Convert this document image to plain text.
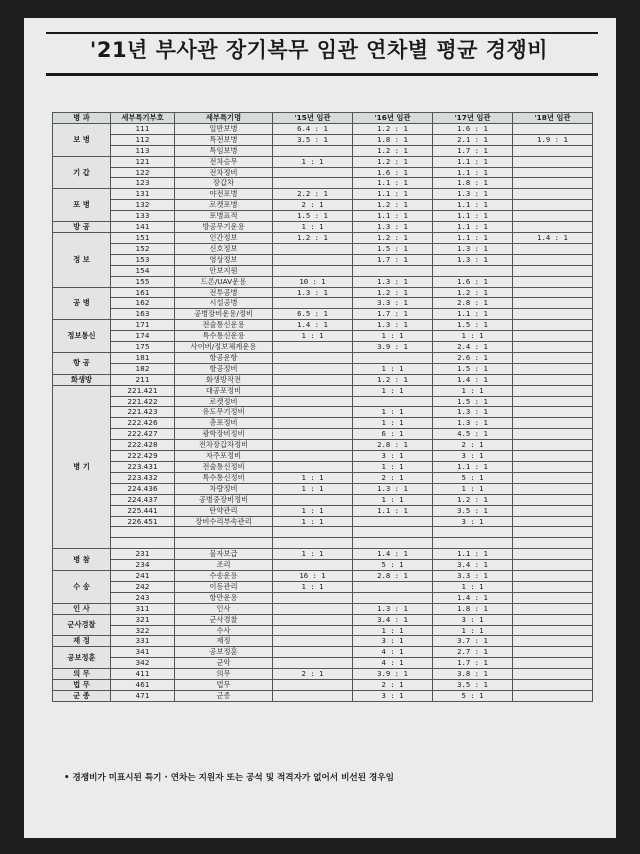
'21년 부사관 장기복무 임관 연차별 평균 경쟁비
병 과	세부특기부호	세부특기명	'15년 임관	'16년 임관	'17년 임관	'18년 임관
보 병	111	일반보병	6.4 : 1	1.2 : 1	1.6 : 1	
	112	특전보병	3.5 : 1	1.8 : 1	2.1 : 1	1.9 : 1
	113	특임보병		1.2 : 1	1.7 : 1	
기 갑	121	전차승무	1 : 1	1.2 : 1	1.1 : 1	
	122	전차정비		1.6 : 1	1.1 : 1	
	123	장갑차		1.1 : 1	1.8 : 1	
포 병	131	야전포병	2.2 : 1	1.1 : 1	1.3 : 1	
	132	로켓포병	2 : 1	1.2 : 1	1.1 : 1	
	133	포병표적	1.5 : 1	1.1 : 1	1.1 : 1	
방 공	141	방공무기운용	1 : 1	1.3 : 1	1.1 : 1	
정 보	151	인간정보	1.2 : 1	1.2 : 1	1.1 : 1	1.4 : 1
	152	신호정보		1.5 : 1	1.3 : 1	
	153	영상정보		1.7 : 1	1.3 : 1	
	154	안보지원				
	155	드론/UAV운용	10 : 1	1.3 : 1	1.6 : 1	
공 병	161	전투공병	1.3 : 1	1.2 : 1	1.2 : 1	
	162	시설공병		3.3 : 1	2.8 : 1	
	163	공병장비운용/정비	6.5 : 1	1.7 : 1	1.1 : 1	
정보통신	171	전술통신운용	1.4 : 1	1.3 : 1	1.5 : 1	
	174	특수통신운용	1 : 1	1 : 1	1 : 1	
	175	사이버/정보체계운용		3.9 : 1	2.4 : 1	
항 공	181	항공운항			2.6 : 1	
	182	항공정비		1 : 1	1.5 : 1	
화생방	211	화생방작전		1.2 : 1	1.4 : 1	
병 기	221.421	대공포정비		1 : 1	1 : 1	
	221.422	로켓정비			1.5 : 1	
	221.423	유도무기정비		1 : 1	1.3 : 1	
	222.426	총포정비		1 : 1	1.3 : 1	
	222.427	광학장비정비		6 : 1	4.5 : 1	
	222.428	전차장갑차정비		2.8 : 1	2 : 1	
	222.429	자주포정비		3 : 1	3 : 1	
	223.431	전술통신정비		1 : 1	1.1 : 1	
	223.432	특수통신정비	1 : 1	2 : 1	5 : 1	
	224.436	차량정비	1 : 1	1.3 : 1	1 : 1	
	224.437	공병중장비정비		1 : 1	1.2 : 1	
	225.441	탄약관리	1 : 1	1.1 : 1	3.5 : 1	
	226.451	장비수리부속관리	1 : 1		3 : 1	

병 참	231	물자보급	1 : 1	1.4 : 1	1.1 : 1	
	234	조리		5 : 1	3.4 : 1	
수 송	241	수송운용	16 : 1	2.8 : 1	3.3 : 1	
	242	이동관리	1 : 1		1 : 1	
	243	항만운용			1.4 : 1	
인 사	311	인사		1.3 : 1	1.8 : 1	
군사경찰	321	군사경찰		3.4 : 1	3 : 1	
	322	수사		1 : 1	1 : 1	
재 정	331	재정		3 : 1	3.7 : 1	
공보정훈	341	공보정훈		4 : 1	2.7 : 1	
	342	군악		4 : 1	1.7 : 1	
의 무	411	의무	2 : 1	3.9 : 1	3.8 : 1	
법 무	461	법무		2 : 1	3.5 : 1	
군 종	471	군종		3 : 1	5 : 1	
• 경쟁비가 미표시된 특기 · 연차는 지원자 또는 공석 및 적격자가 없어서 비선된 경우임
